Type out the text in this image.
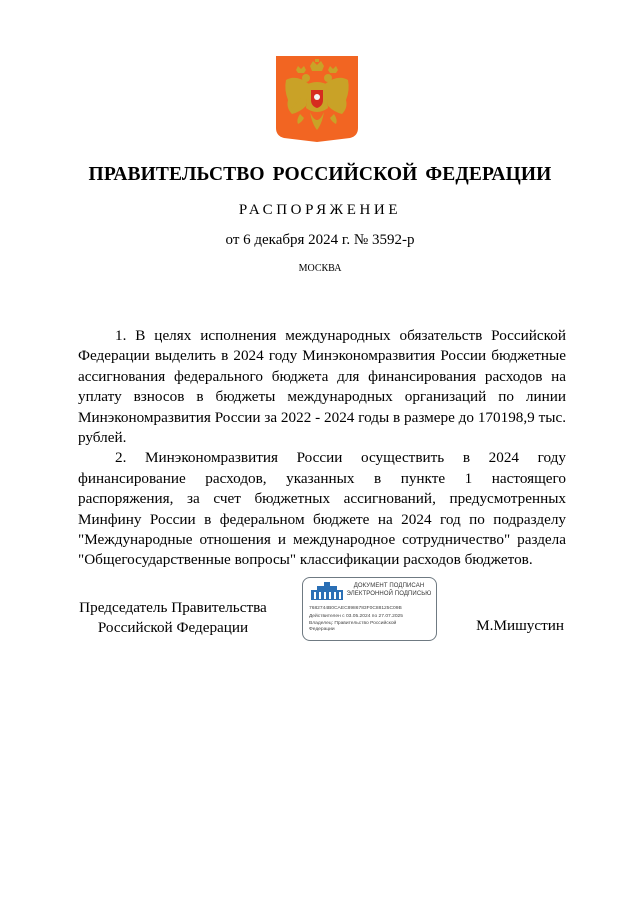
ПРАВИТЕЛЬСТВО РОССИЙСКОЙ ФЕДЕРАЦИИ
РАСПОРЯЖЕНИЕ
от 6 декабря 2024 г. № 3592-р
МОСКВА

1. В целях исполнения международных обязательств Российской Федерации выделить в 2024 году Минэкономразвития России бюджетные ассигнования федерального бюджета для финансирования расходов на уплату взносов в бюджеты международных организаций по линии Минэкономразвития России за 2022 - 2024 годы в размере до 170198,9 тыс. рублей.

2. Минэкономразвития России осуществить в 2024 году финансирование расходов, указанных в пункте 1 настоящего распоряжения, за счет бюджетных ассигнований, предусмотренных Минфину России в федеральном бюджете на 2024 год по подразделу "Международные отношения и международное сотрудничество" раздела "Общегосударственные вопросы" классификации расходов бюджетов.

Председатель Правительства
Российской Федерации
ДОКУМЕНТ ПОДПИСАН
ЭЛЕКТРОННОЙ ПОДПИСЬЮ
7682744B0CAEC8986783F0C88125C09B
Действителен с 03.05.2024 по 27.07.2025
Владелец: Правительство Российской
Федерации	М.Мишустин
